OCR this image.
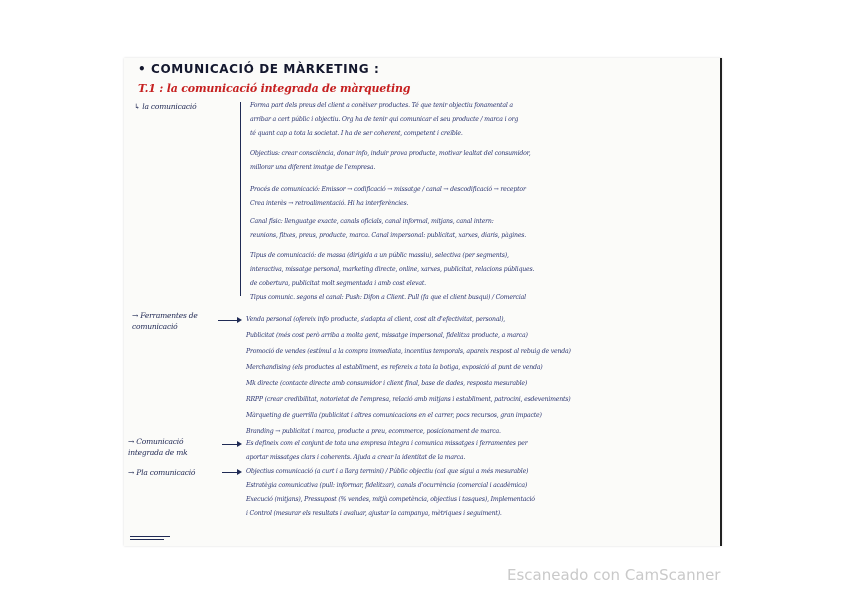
• COMUNICACIÓ DE MÀRKETING :
T.1 : la comunicació integrada de màrqueting
↳ la comunicació	Forma part dels preus del client a conèixer productes. Té que tenir objectiu fonamental a
arribar a cert públic i objectiu. Org ha de tenir qui comunicar el seu producte / marca i org
té quant cap a tota la societat. I ha de ser coherent, competent i creïble.
Objectius: crear consciència, donar info, induir prova producte, motivar lealtat del consumidor,
millorar una diferent imatge de l'empresa.
Procés de comunicació: Emissor → codificació → missatge / canal → descodificació → receptor
Crea interès → retroalimentació. Hi ha interferències.
Canal físic: llenguatge exacte, canals oficials, canal informal, mitjans, canal intern:
reunions, fitxes, preus, producte, marca. Canal impersonal: publicitat, xarxes, diaris, pàgines.
Tipus de comunicació: de massa (dirigida a un públic massiu), selectiva (per segments),
interactiva, missatge personal, marketing directe, online, xarxes, publicitat, relacions públiques.
de cobertura, publicitat molt segmentada i amb cost elevat.
Tipus comunic. segons el canal: Push: Difon a Client. Pull (fa que el client busqui) / Comercial
→ Ferramentes de comunicació
Venda personal (ofereix info producte, s'adapta al client, cost alt d'efectivitat, personal),
Publicitat (més cost però arriba a molta gent, missatge impersonal, fidelitza producte, a marca)
Promoció de vendes (estímul a la compra immediata, incentius temporals, apareix respost al rebuig de venda)
Merchandising (els productes al establiment, es refereix a tota la botiga, exposició al punt de venda)
Mk directe (contacte directe amb consumidor i client final, base de dades, resposta mesurable)
RRPP (crear credibilitat, notorietat de l'empresa, relació amb mitjans i establiment, patrocini, esdeveniments)
Màrqueting de guerrilla (publicitat i altres comunicacions en el carrer, pocs recursos, gran impacte)
Branding → publicitat i marca, producte a preu, ecommerce, posicionament de marca.
→ Comunicació integrada de mk
Es defineix com el conjunt de tota una empresa integra i comunica missatges i ferramentes per
aportar missatges clars i coherents. Ajuda a crear la identitat de la marca.
→ Pla comunicació	Objectius comunicació (a curt i a llarg termini) / Públic objectiu (cal que sigui a més mesurable)
Estratègia comunicativa (pull: informar, fidelitzar), canals d'ocurrència (comercial i acadèmica)
Execució (mitjans), Pressupost (% vendes, mitjà competència, objectius i tasques), Implementació
i Control (mesurar els resultats i avaluar, ajustar la campanya, mètriques i seguiment).
Escaneado con CamScanner
